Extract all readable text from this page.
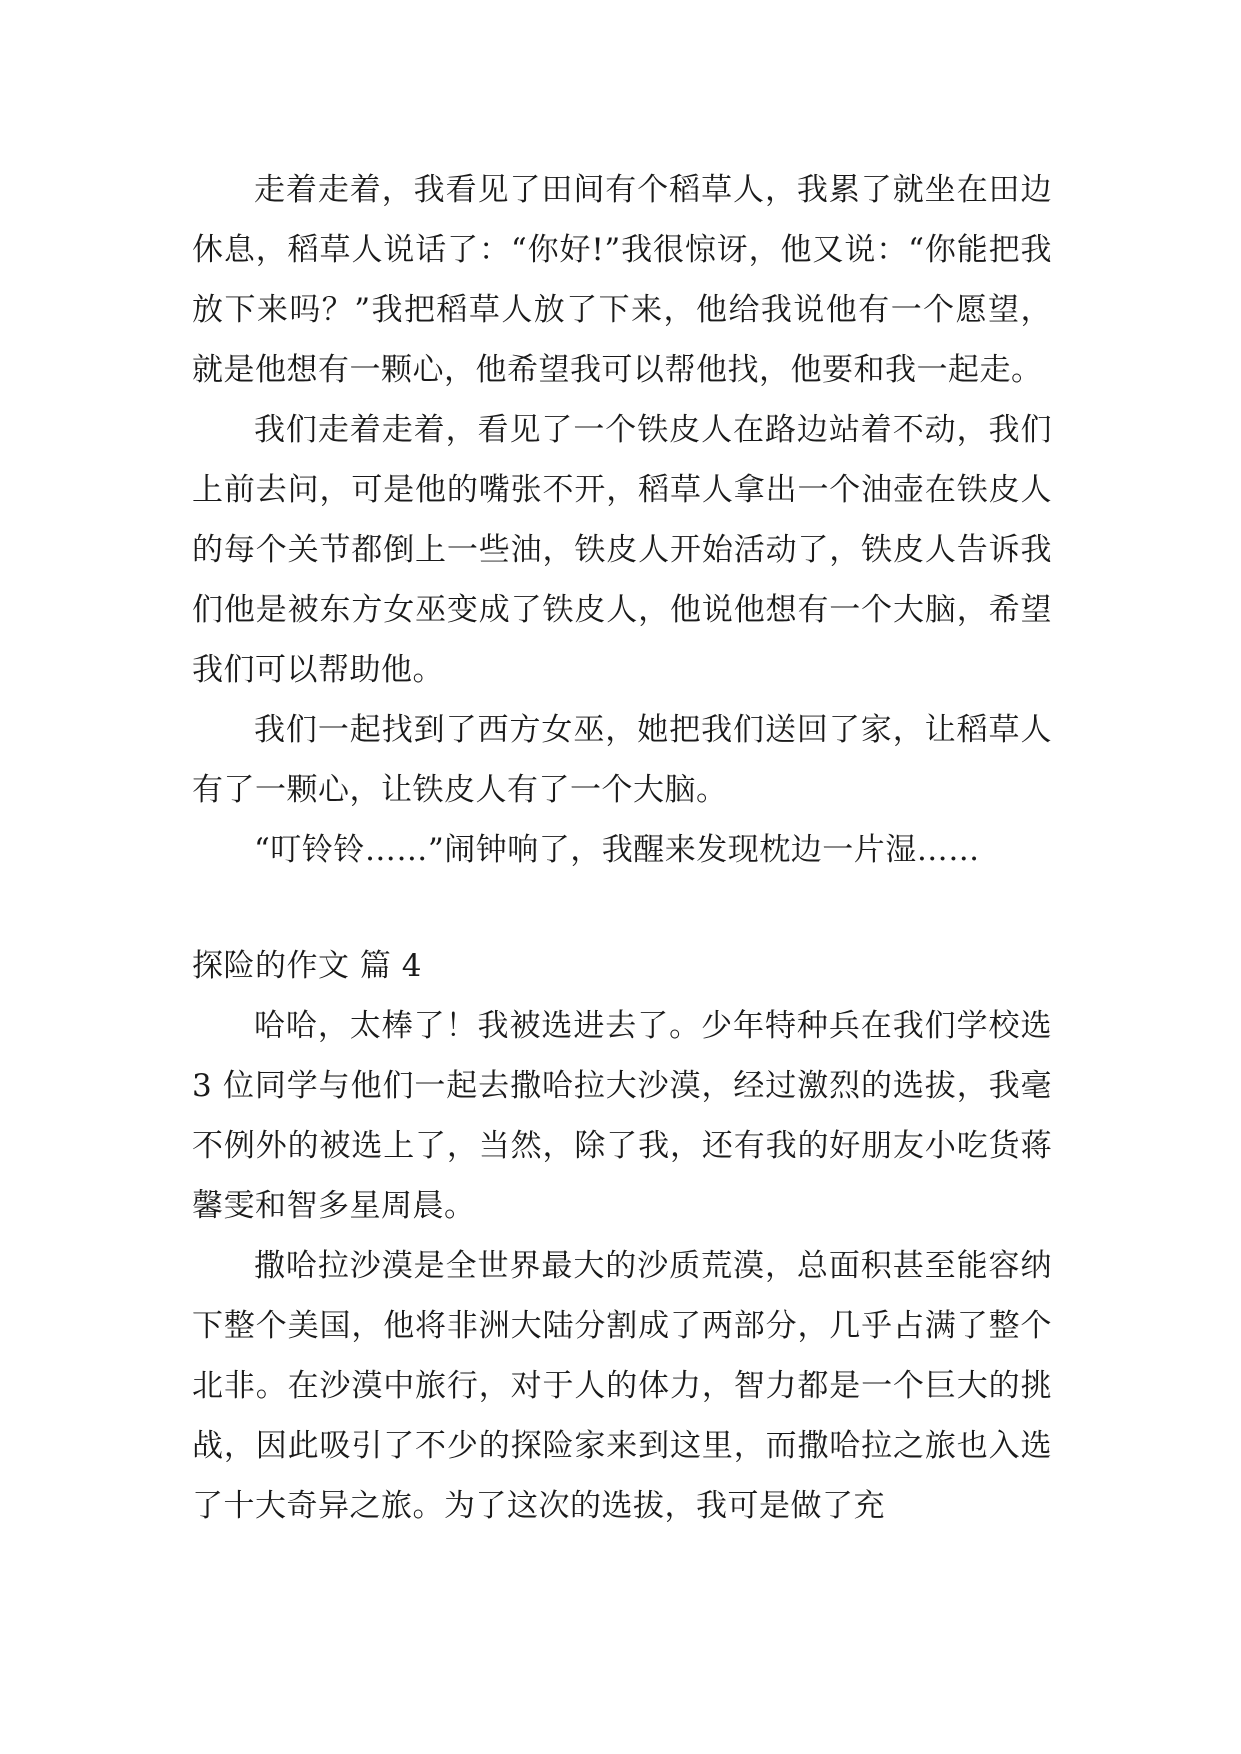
走着走着，我看见了田间有个稻草人，我累了就坐在田边休息，稻草人说话了：“你好!”我很惊讶，他又说：“你能把我放下来吗？”我把稻草人放了下来，他给我说他有一个愿望，就是他想有一颗心，他希望我可以帮他找，他要和我一起走。

我们走着走着，看见了一个铁皮人在路边站着不动，我们上前去问，可是他的嘴张不开，稻草人拿出一个油壶在铁皮人的每个关节都倒上一些油，铁皮人开始活动了，铁皮人告诉我们他是被东方女巫变成了铁皮人，他说他想有一个大脑，希望我们可以帮助他。

我们一起找到了西方女巫，她把我们送回了家，让稻草人有了一颗心，让铁皮人有了一个大脑。

“叮铃铃……”闹钟响了，我醒来发现枕边一片湿……

探险的作文 篇 4

哈哈，太棒了！我被选进去了。少年特种兵在我们学校选 3 位同学与他们一起去撒哈拉大沙漠，经过激烈的选拔，我毫不例外的被选上了，当然，除了我，还有我的好朋友小吃货蒋馨雯和智多星周晨。

撒哈拉沙漠是全世界最大的沙质荒漠，总面积甚至能容纳下整个美国，他将非洲大陆分割成了两部分，几乎占满了整个北非。在沙漠中旅行，对于人的体力，智力都是一个巨大的挑战，因此吸引了不少的探险家来到这里，而撒哈拉之旅也入选了十大奇异之旅。为了这次的选拔，我可是做了充
